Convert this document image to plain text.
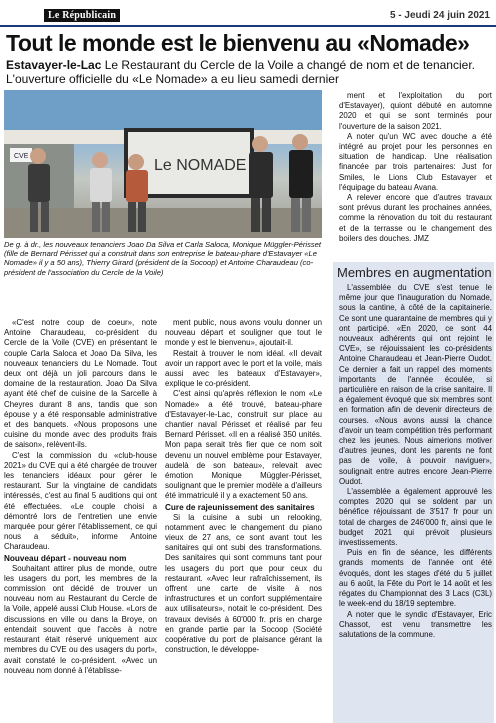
Le Républicain	5 - Jeudi 24 juin 2021
Tout le monde est le bienvenu au «Nomade»

Estavayer-le-Lac Le Restaurant du Cercle de la Voile a changé de nom et de tenancier. L'ouverture officielle du «Le Nomade» a eu lieu samedi dernier

CVE
Le NOMADE

De g. à dr., les nouveaux tenanciers Joao Da Silva et Carla Saloca, Monique Müggler-Périsset (fille de Bernard Périsset qui a construit dans son entreprise le bateau-phare d'Estavayer «Le Nomade» il y a 50 ans), Thierry Girard (président de la Socoop) et Antoine Charaudeau (co-président de l'association du Cercle de la Voile)

«C'est notre coup de coeur», note Antoine Charaudeau, co-président du Cercle de la Voile (CVE) en présentant le couple Carla Saloca et Joao Da Silva, les nouveaux tenanciers du Le Nomade. Tout deux ont déjà un joli parcours dans le domaine de la restauration. Joao Da Silva ayant été chef de cuisine de la Sarcelle à Cheyres durant 8 ans, tandis que son épouse y a été responsable administrative et des banquets. «Nous proposons une cuisine du monde avec des produits frais de saison», relèvent-ils.

C'est la commission du «club-house 2021» du CVE qui a été chargée de trouver les tenanciers idéaux pour gérer le restaurant. Sur la vingtaine de candidats intéressés, c'est au final 5 auditions qui ont été effectuées. «Le couple choisi a démontré lors de l'entretien une envie marquée pour gérer l'établissement, ce qui nous a séduit», informe Antoine Charaudeau.

Nouveau départ - nouveau nom

Souhaitant attirer plus de monde, outre les usagers du port, les membres de la commission ont décidé de trouver un nouveau nom au Restaurant du Cercle de la Voile, appelé aussi Club House. «Lors de discussions en ville ou dans la Broye, on entendait souvent que l'accès à notre restaurant était réservé uniquement aux membres du CVE ou des usagers du port», avait constaté le co-président. «Avec un nouveau nom donné à l'établisse-

ment public, nous avons voulu donner un nouveau départ et souligner que tout le monde y est le bienvenu», ajoutait-il.

Restait à trouver le nom idéal. «Il devait avoir un rapport avec le port et la voile, mais aussi avec les bateaux d'Estavayer», explique le co-président.

C'est ainsi qu'après réflexion le nom «Le Nomade» a été trouvé, bateau-phare d'Estavayer-le-Lac, construit sur place au chantier naval Périsset et réalisé par feu Bernard Périsset. «Il en a réalisé 350 unités. Mon papa serait très fier que ce nom soit devenu un nouvel emblème pour Estavayer, audelà de son bateau», relevait avec émotion Monique Müggler-Périsset, soulignant que le premier modèle a d'ailleurs été immatriculé il y a exactement 50 ans.

Cure de rajeunissement des sanitaires

Si la cuisine a subi un relooking, notamment avec le changement du piano vieux de 27 ans, ce sont avant tout les sanitaires qui ont subi des transformations. Des sanitaires qui sont communs tant pour les usagers du port que pour ceux du restaurant. «Avec leur rafraîchissement, ils offrent une carte de visite à nos infrastructures et un confort supplémentaire aux utilisateurs», notait le co-président. Des travaux devisés à 60'000 fr. pris en charge en grande partie par la Socoop (Société coopérative du port de plaisance gérant la construction, le développe-

ment et l'exploitation du port d'Estavayer), quiont débuté en automne 2020 et qui se sont terminés pour l'ouverture de la saison 2021.

A noter qu'un WC avec douche a été intégré au projet pour les personnes en situation de handicap. Une réalisation financée par trois partenaires: Just for Smiles, le Lions Club Estavayer et l'équipage du bateau Avana.

A relever encore que d'autres travaux sont prévus durant les prochaines années, comme la rénovation du toit du restaurant et de la terrasse ou le changement des boilers des douches. JMZ

Membres en augmentation

L'assemblée du CVE s'est tenue le même jour que l'inauguration du Nomade, sous la cantine, à côté de la capitainerie. Ce sont une quarantaine de membres qui y ont participé. «En 2020, ce sont 44 nouveaux adhérents qui ont rejoint le CVE», se réjouissaient les co-présidents Antoine Charaudeau et Jean-Pierre Oudot. Ce dernier a fait un rappel des moments importants de l'année écoulée, si particulière en raison de la crise sanitaire. Il a également évoqué que six membres sont en formation afin de devenir directeurs de courses. «Nous avons aussi la chance d'avoir un team compétition très performant chez les jeunes. Nous aimerions motiver d'autres jeunes, dont les parents ne font pas de voile, à pouvoir naviguer», soulignait entre autres encore Jean-Pierre Oudot.

L'assemblée a également approuvé les comptes 2020 qui se soldent par un bénéfice réjouissant de 3'517 fr pour un total de charges de 246'000 fr, ainsi que le budget 2021 qui prévoit plusieurs investissements.

Puis en fin de séance, les différents grands moments de l'année ont été évoqués, dont les stages d'été du 5 juillet au 6 août, la Fête du Port le 14 août et les régates du Championnat des 3 Lacs (C3L) le week-end du 18/19 septembre.

A noter que le syndic d'Estavayer, Eric Chassot, est venu transmettre les salutations de la commune.
